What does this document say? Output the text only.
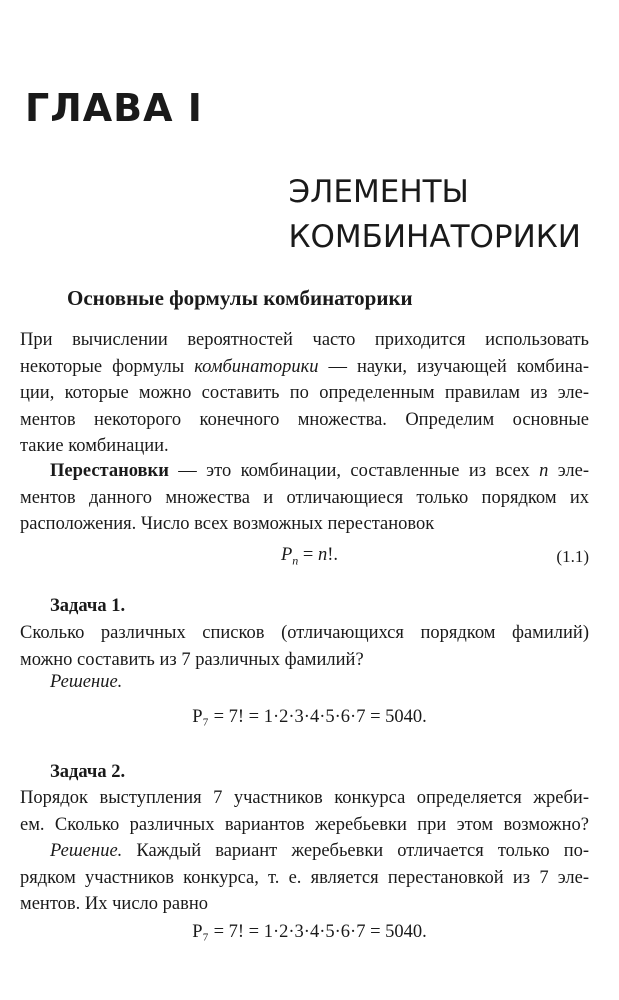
ГЛАВА I
ЭЛЕМЕНТЫ
КОМБИНАТОРИКИ
Основные формулы комбинаторики
При вычислении вероятностей часто приходится использовать
некоторые формулы комбинаторики — науки, изучающей комбина-
ции, которые можно составить по определенным правилам из эле-
ментов некоторого конечного множества. Определим основные
такие комбинации.
Перестановки — это комбинации, составленные из всех n эле-
ментов данного множества и отличающиеся только порядком их
расположения. Число всех возможных перестановок

$P_n = n$!.	(1.1)

Задача 1.

Сколько различных списков (отличающихся порядком фамилий)
можно составить из 7 различных фамилий?

Решение.

P₇ = 7! = 1·2·3·4·5·6·7 = 5040.

Задача 2.

Порядок выступления 7 участников конкурса определяется жреби-
ем. Сколько различных вариантов жеребьевки при этом возможно?
Решение. Каждый вариант жеребьевки отличается только по-
рядком участников конкурса, т. е. является перестановкой из 7 эле-
ментов. Их число равно

P₇ = 7! = 1·2·3·4·5·6·7 = 5040.
